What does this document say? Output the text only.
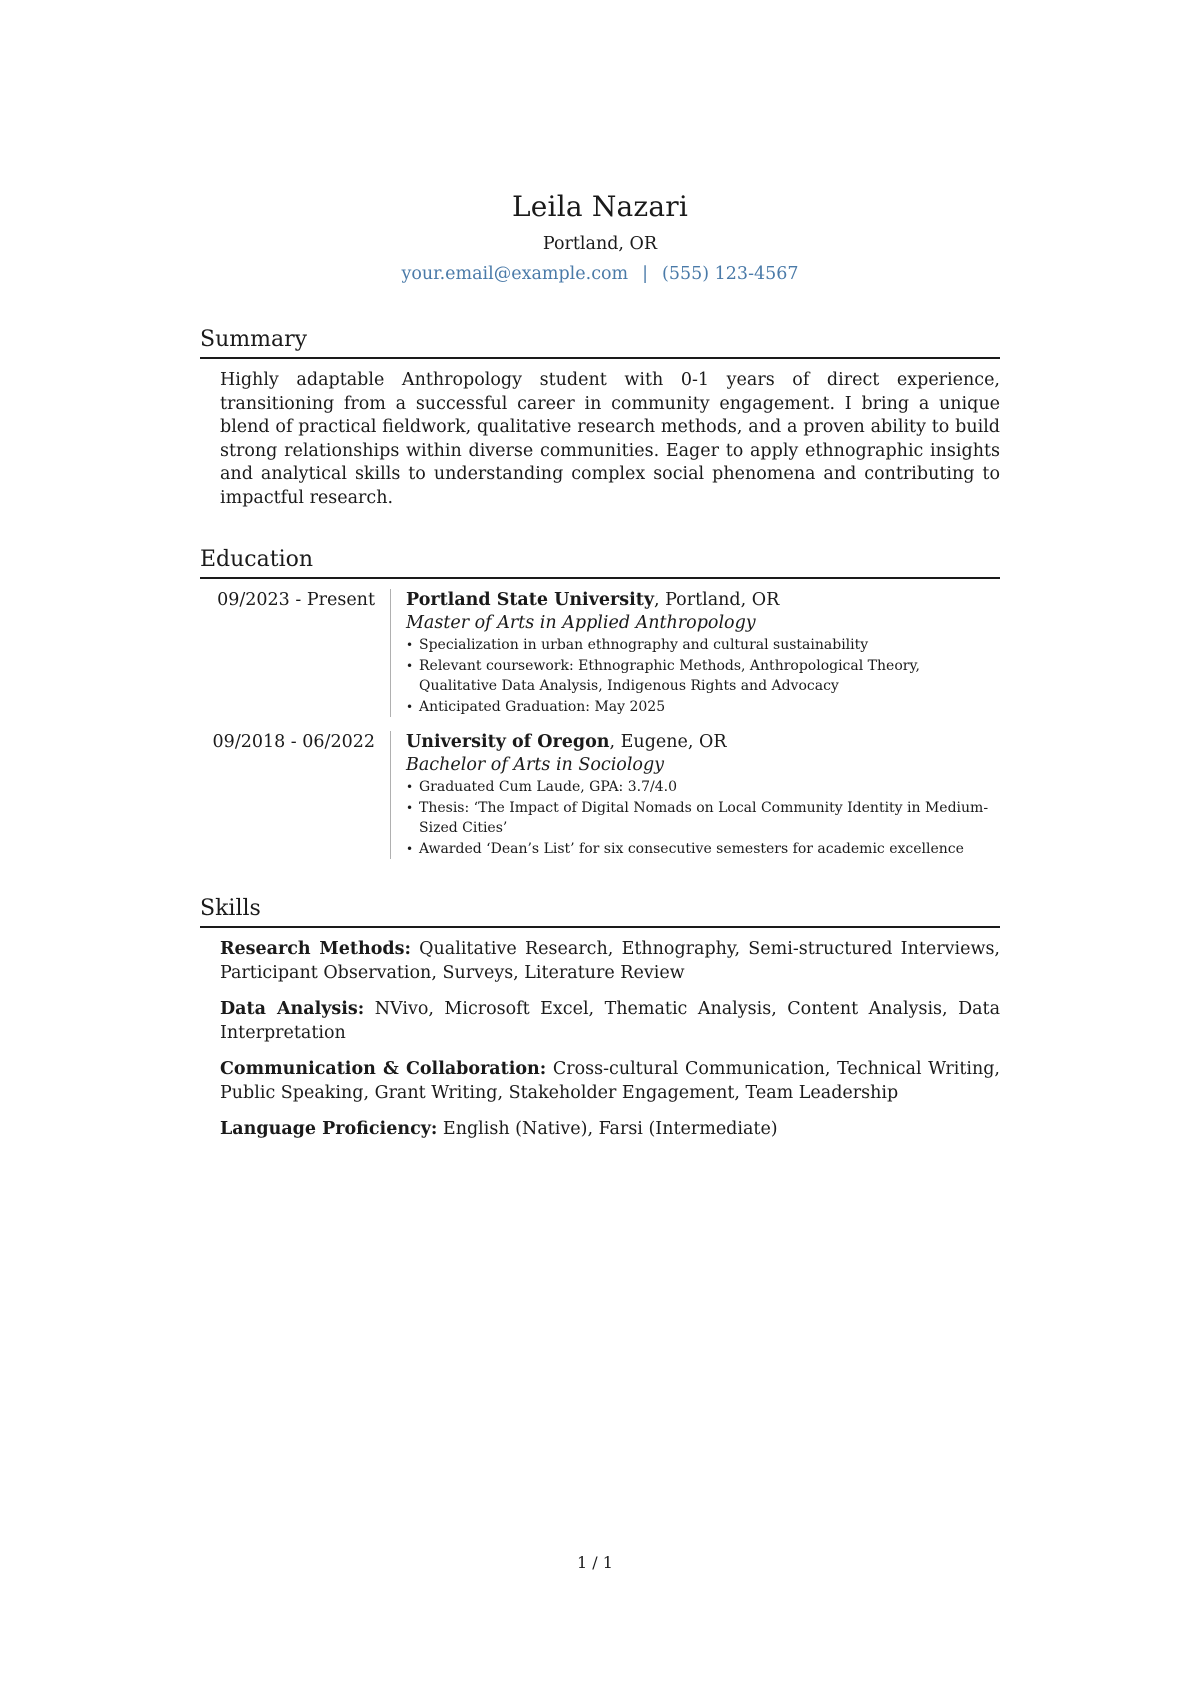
Leila Nazari
Portland, OR
your.email@example.com | (555) 123-4567
Summary
Highly adaptable Anthropology student with 0-1 years of direct experience, transitioning from a successful career in community engagement. I bring a unique blend of practical fieldwork, qualitative research methods, and a proven ability to build strong relationships within diverse communities. Eager to apply ethnographic insights and analytical skills to understanding complex social phenomena and contributing to impactful research.
Education
09/2023 - Present	Portland State University, Portland, OR
Master of Arts in Applied Anthropology
• Specialization in urban ethnography and cultural sustainability
• Relevant coursework: Ethnographic Methods, Anthropological Theory, Qualitative Data Analysis, Indigenous Rights and Advocacy
• Anticipated Graduation: May 2025
09/2018 - 06/2022	University of Oregon, Eugene, OR
Bachelor of Arts in Sociology
• Graduated Cum Laude, GPA: 3.7/4.0
• Thesis: ‘The Impact of Digital Nomads on Local Community Identity in Medium-Sized Cities’
• Awarded ‘Dean’s List’ for six consecutive semesters for academic excellence
Skills
Research Methods: Qualitative Research, Ethnography, Semi-structured Interviews, Participant Observation, Surveys, Literature Review
Data Analysis: NVivo, Microsoft Excel, Thematic Analysis, Content Analysis, Data Interpretation
Communication & Collaboration: Cross-cultural Communication, Technical Writing, Public Speaking, Grant Writing, Stakeholder Engagement, Team Leadership
Language Proficiency: English (Native), Farsi (Intermediate)
1 / 1
